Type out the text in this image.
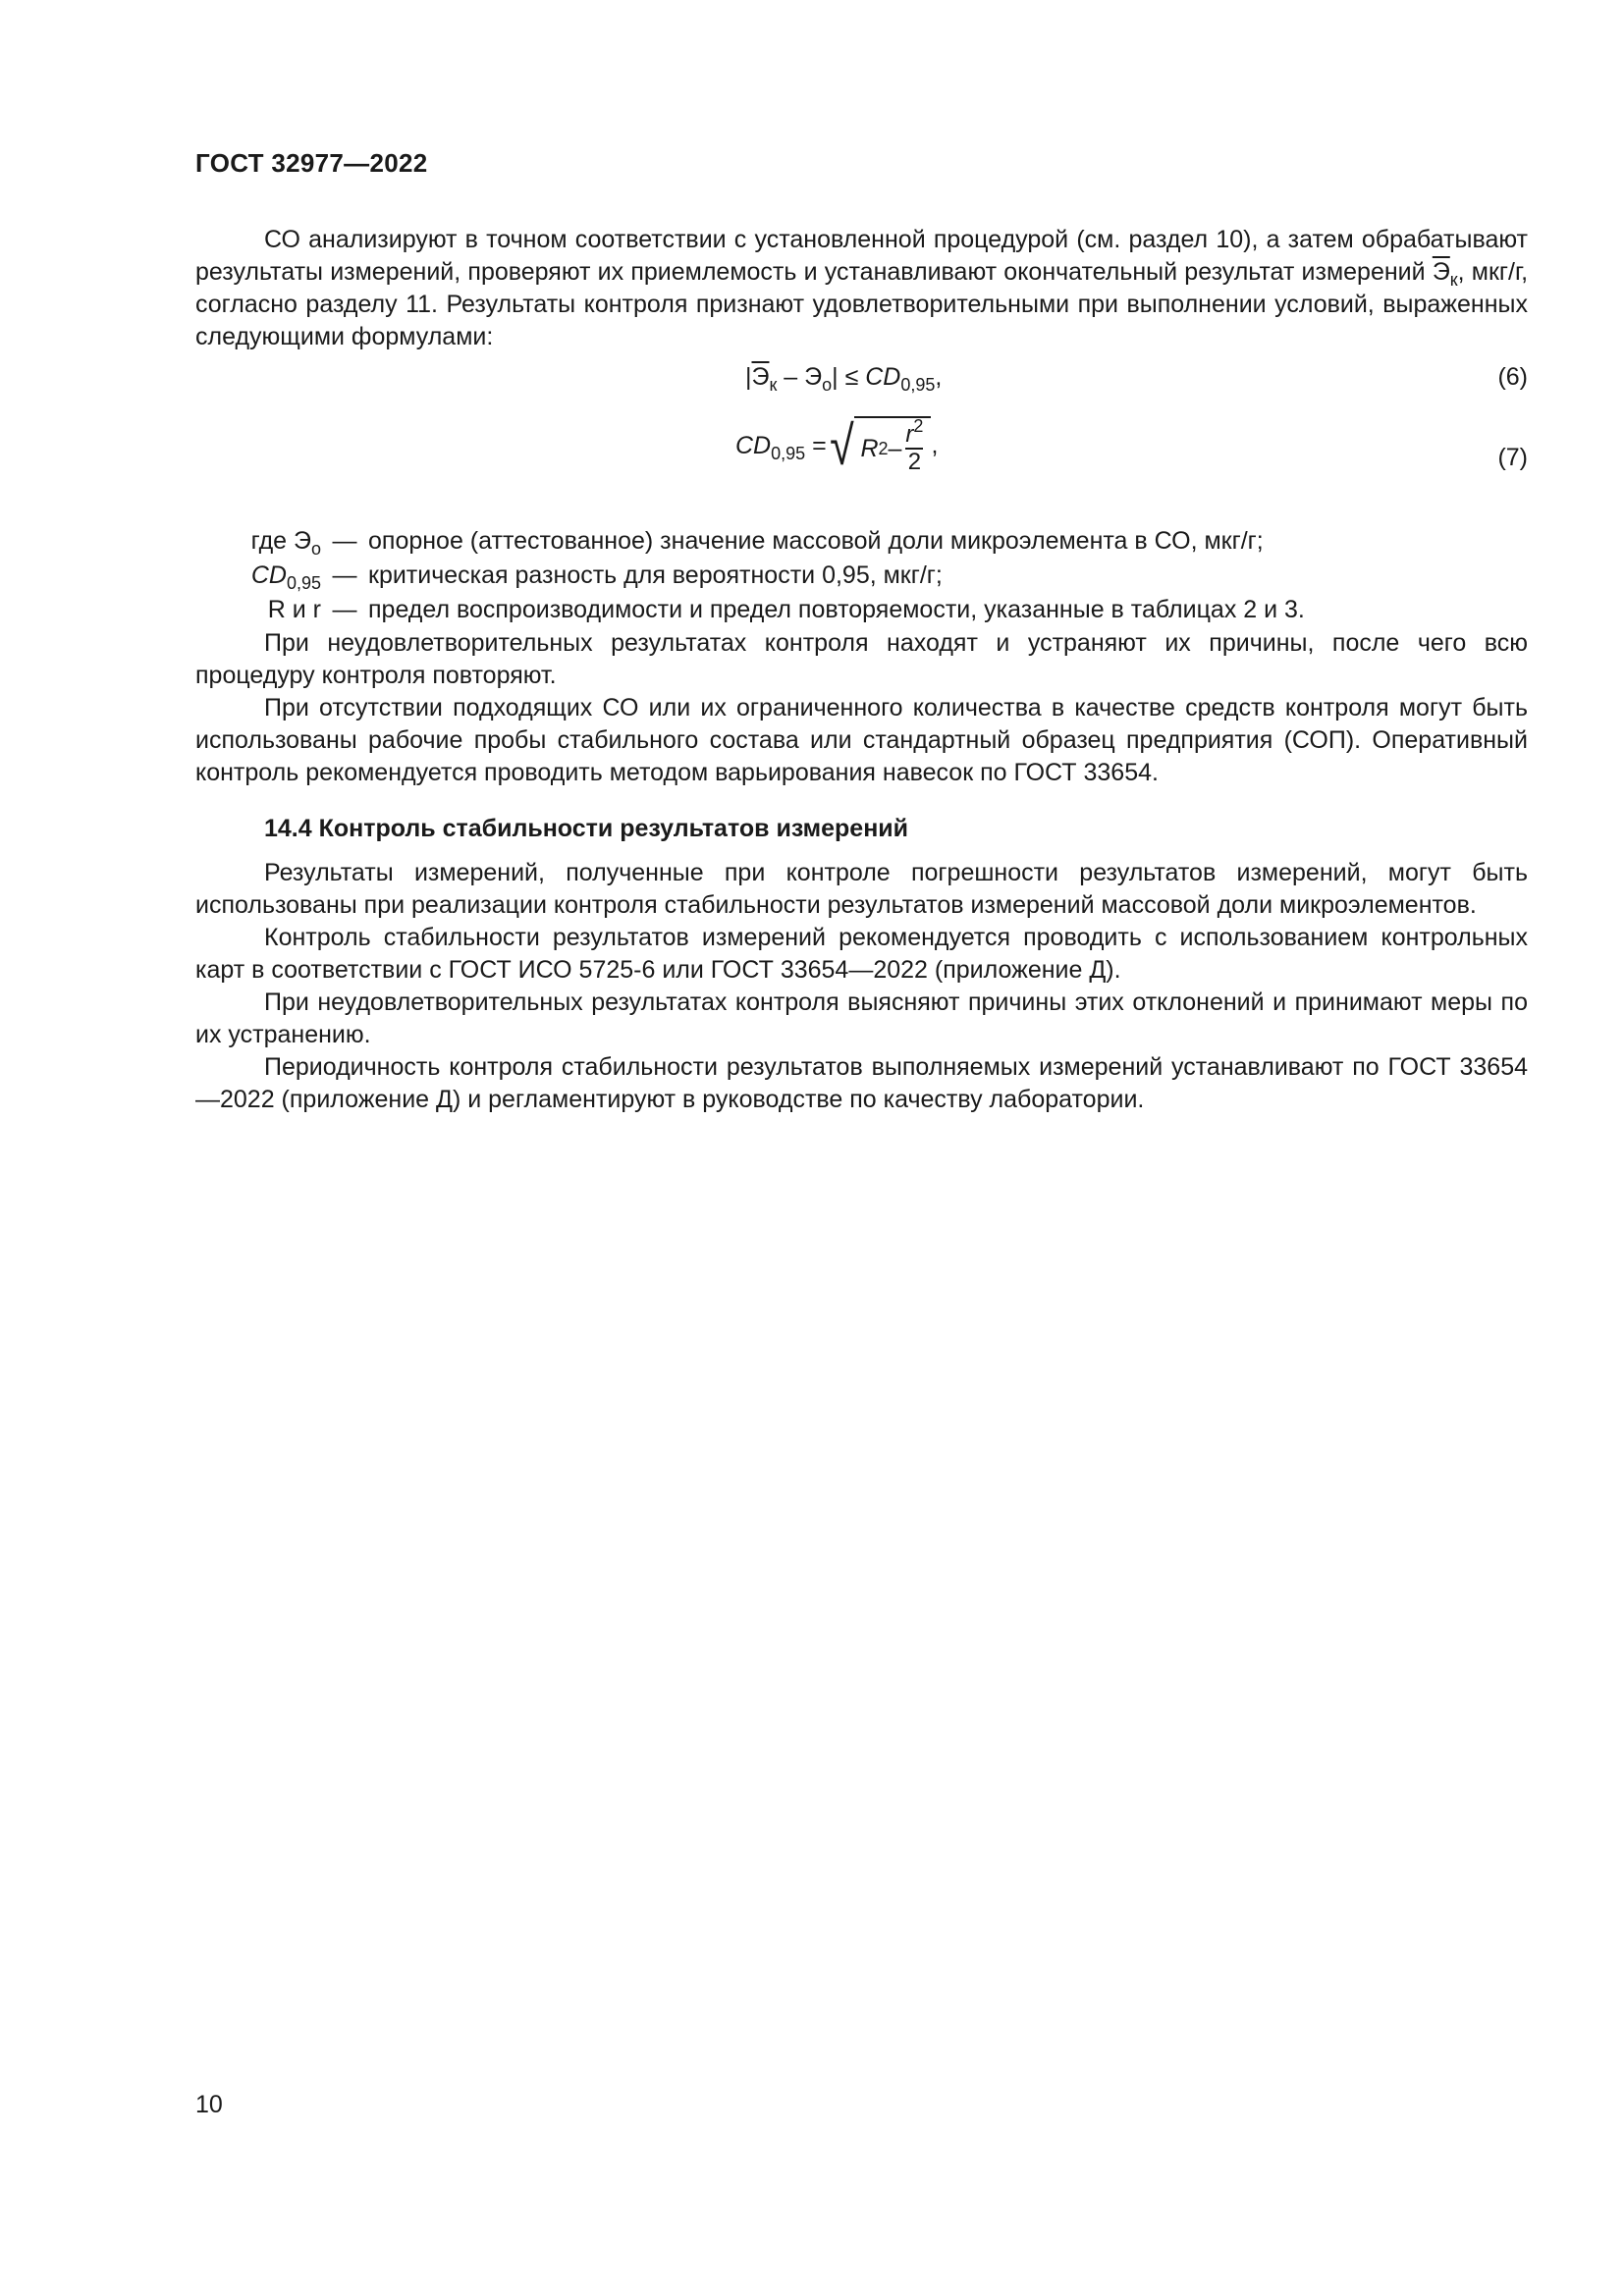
ГОСТ 32977—2022

СО анализируют в точном соответствии с установленной процедурой (см. раздел 10), а затем обрабатывают результаты измерений, проверяют их приемлемость и устанавливают окончательный результат измерений $Э_к$, мкг/г, согласно разделу 11. Результаты контроля признают удовлетворительными при выполнении условий, выраженных следующими формулами:

$|Э_к - Э_о| \le CD_{0,95}$,	(6)
$CD_{0,95}$ = √ R $2 - \frac{r^2}{2}$ ,	(7)
где $Э_о$ — опорное (аттестованное) значение массовой доли микроэлемента в СО, мкг/г;
$CD_{0,95}$ — критическая разность для вероятности 0,95, мкг/г;
R и r — предел воспроизводимости и предел повторяемости, указанные в таблицах 2 и 3.

При неудовлетворительных результатах контроля находят и устраняют их причины, после чего всю процедуру контроля повторяют.

При отсутствии подходящих СО или их ограниченного количества в качестве средств контроля могут быть использованы рабочие пробы стабильного состава или стандартный образец предприятия (СОП). Оперативный контроль рекомендуется проводить методом варьирования навесок по ГОСТ 33654.

14.4 Контроль стабильности результатов измерений

Результаты измерений, полученные при контроле погрешности результатов измерений, могут быть использованы при реализации контроля стабильности результатов измерений массовой доли микроэлементов.

Контроль стабильности результатов измерений рекомендуется проводить с использованием контрольных карт в соответствии с ГОСТ ИСО 5725-6 или ГОСТ 33654—2022 (приложение Д).

При неудовлетворительных результатах контроля выясняют причины этих отклонений и принимают меры по их устранению.

Периодичность контроля стабильности результатов выполняемых измерений устанавливают по ГОСТ 33654—2022 (приложение Д) и регламентируют в руководстве по качеству лаборатории.

10
